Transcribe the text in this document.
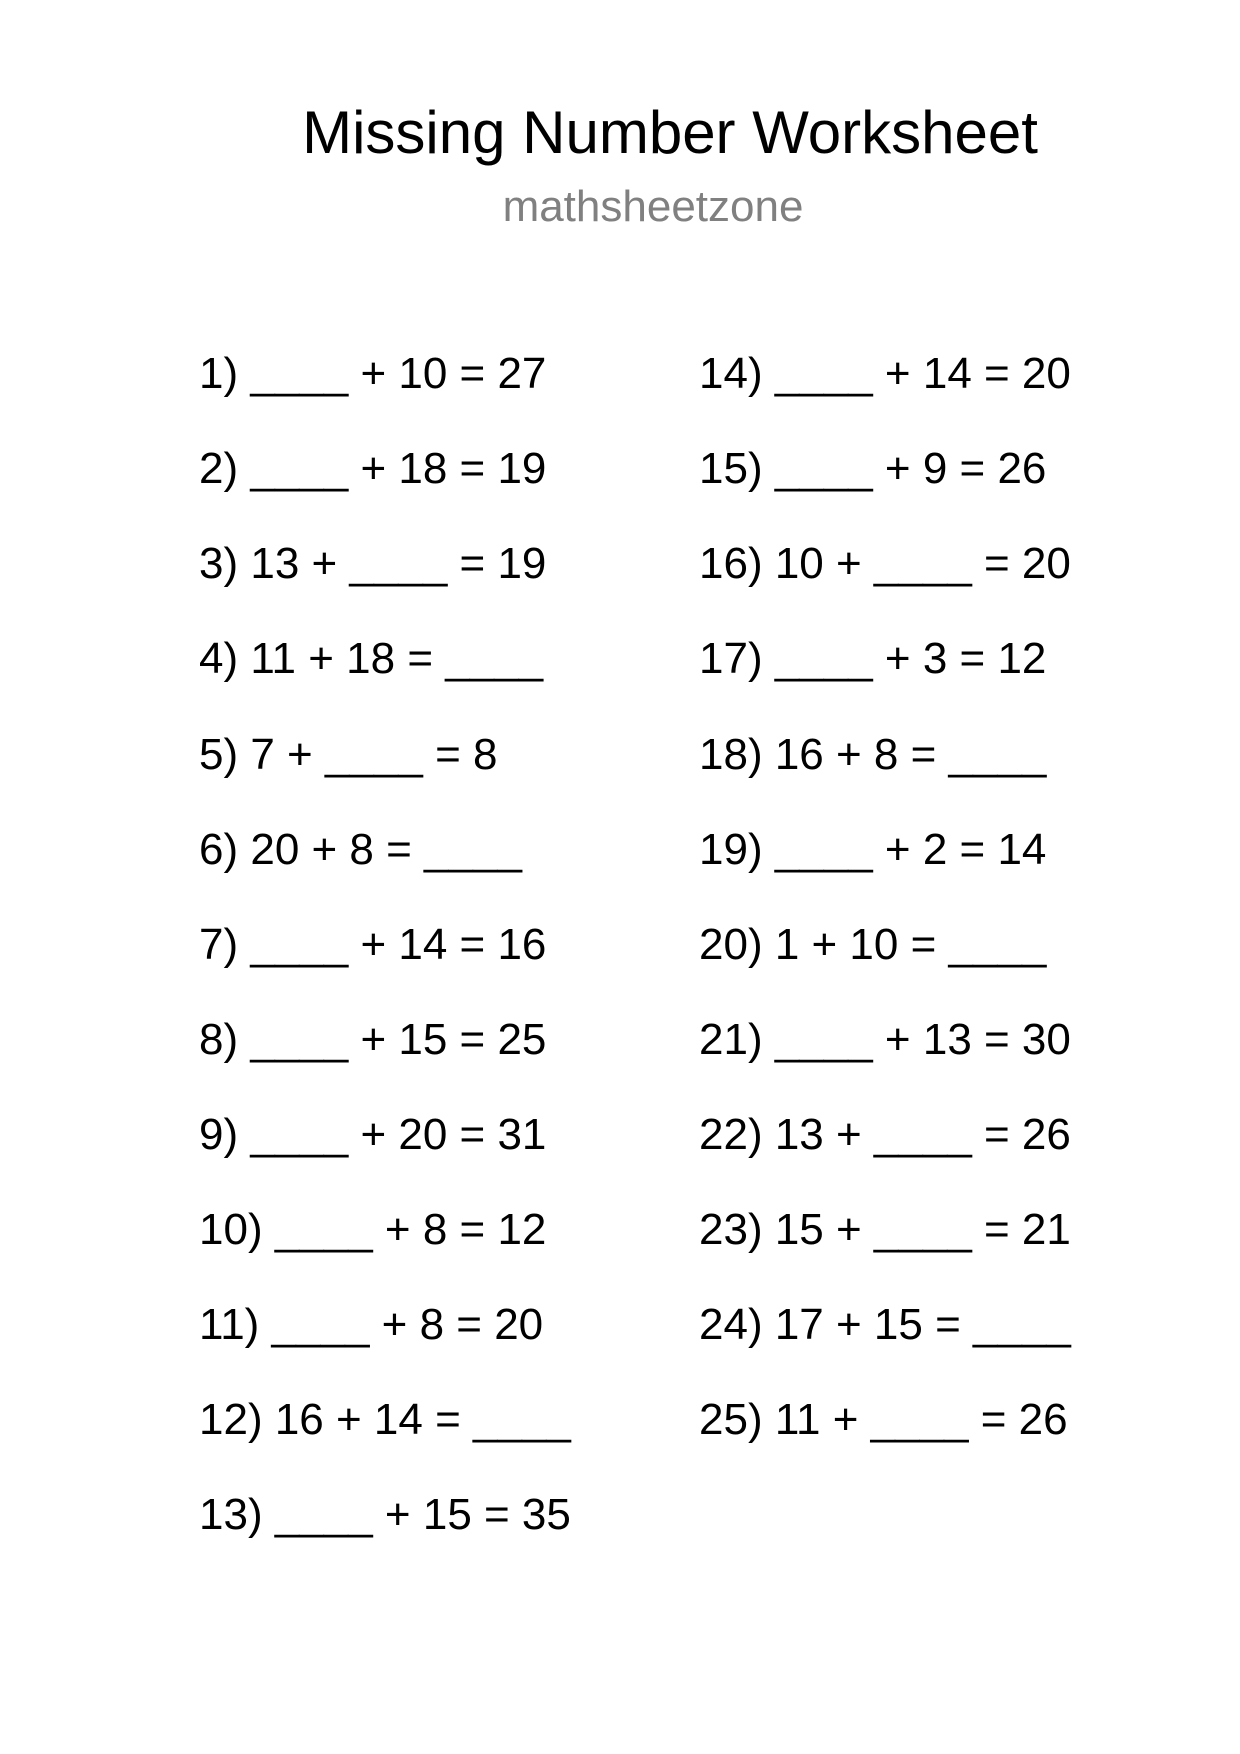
Missing Number Worksheet
mathsheetzone
1) ____ + 10 = 27
2) ____ + 18 = 19
3) 13 + ____ = 19
4) 11 + 18 = ____
5) 7 + ____ = 8
6) 20 + 8 = ____
7) ____ + 14 = 16
8) ____ + 15 = 25
9) ____ + 20 = 31
10) ____ + 8 = 12
11) ____ + 8 = 20
12) 16 + 14 = ____
13) ____ + 15 = 35
14) ____ + 14 = 20
15) ____ + 9 = 26
16) 10 + ____ = 20
17) ____ + 3 = 12
18) 16 + 8 = ____
19) ____ + 2 = 14
20) 1 + 10 = ____
21) ____ + 13 = 30
22) 13 + ____ = 26
23) 15 + ____ = 21
24) 17 + 15 = ____
25) 11 + ____ = 26
